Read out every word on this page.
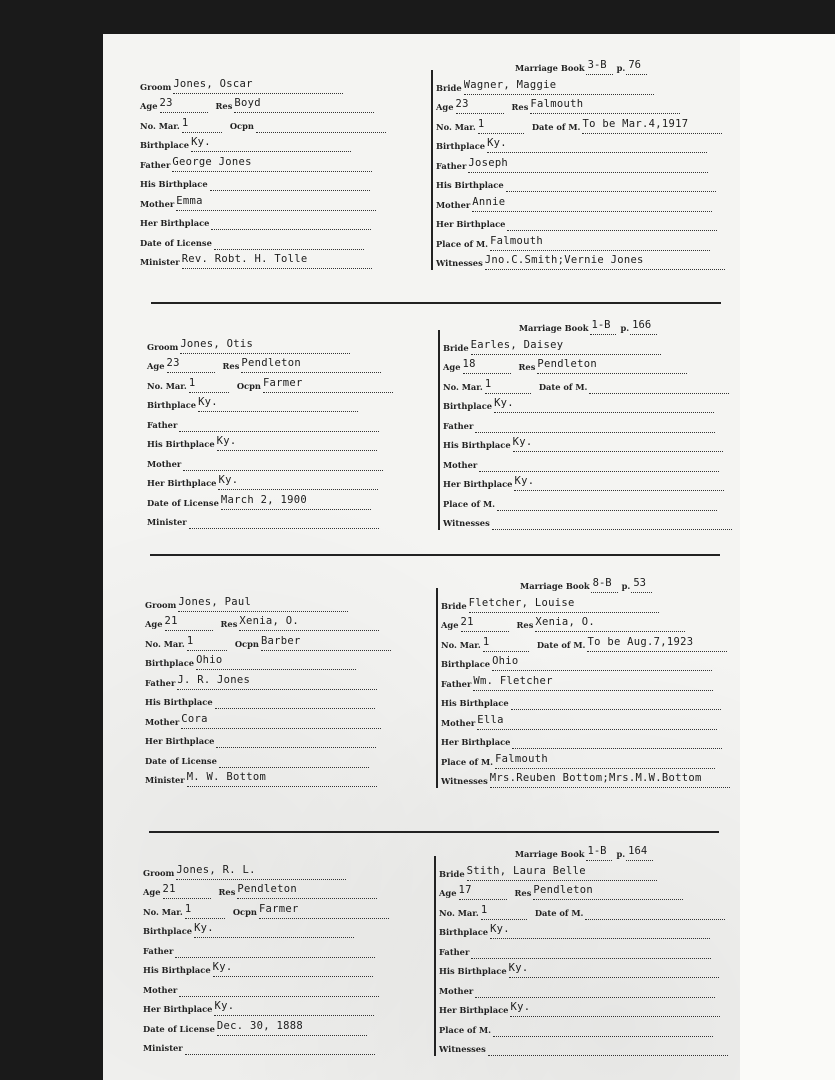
Groom Jones, Oscar
Age 23	Res Boyd
No. Mar. 1	Ocpn
Birthplace Ky.
Father George Jones
His Birthplace
Mother Emma
Her Birthplace
Date of License
Minister Rev. Robt. H. Tolle
Marriage Book 3-B	p. 76
Bride Wagner, Maggie
Age 23	Res Falmouth
No. Mar. 1	Date of M. To be Mar.4,1917
Birthplace Ky.
Father Joseph
His Birthplace
Mother Annie
Her Birthplace
Place of M. Falmouth
Witnesses Jno.C.Smith;Vernie Jones
Groom Jones, Otis
Age 23	Res Pendleton
No. Mar. 1	Ocpn Farmer
Birthplace Ky.
Father
His Birthplace Ky.
Mother
Her Birthplace Ky.
Date of License March 2, 1900
Minister
Marriage Book 1-B	p. 166
Bride Earles, Daisey
Age 18	Res Pendleton
No. Mar. 1	Date of M.
Birthplace Ky.
Father
His Birthplace Ky.
Mother
Her Birthplace Ky.
Place of M.
Witnesses
Groom Jones, Paul
Age 21	Res Xenia, O.
No. Mar. 1	Ocpn Barber
Birthplace Ohio
Father J. R. Jones
His Birthplace
Mother Cora
Her Birthplace
Date of License
Minister M. W. Bottom
Marriage Book 8-B	p. 53
Bride Fletcher, Louise
Age 21	Res Xenia, O.
No. Mar. 1	Date of M. To be Aug.7,1923
Birthplace Ohio
Father Wm. Fletcher
His Birthplace
Mother Ella
Her Birthplace
Place of M. Falmouth
Witnesses Mrs.Reuben Bottom;Mrs.M.W.Bottom
Groom Jones, R. L.
Age 21	Res Pendleton
No. Mar. 1	Ocpn Farmer
Birthplace Ky.
Father
His Birthplace Ky.
Mother
Her Birthplace Ky.
Date of License Dec. 30, 1888
Minister
Marriage Book 1-B	p. 164
Bride Stith, Laura Belle
Age 17	Res Pendleton
No. Mar. 1	Date of M.
Birthplace Ky.
Father
His Birthplace Ky.
Mother
Her Birthplace Ky.
Place of M.
Witnesses
